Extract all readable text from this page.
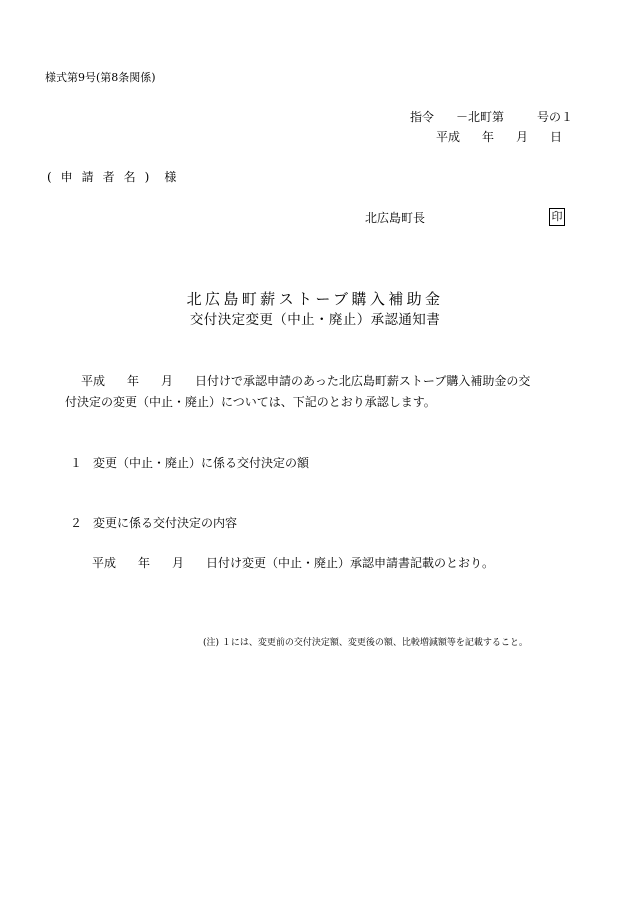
様式第9号(第8条関係)
指令 －北町第	号の１
平成 年 月 日
(申請者名) 様
北広島町長	印
北広島町薪ストーブ購入補助金
交付決定変更（中止・廃止）承認通知書
平成 年 月 日付けで承認申請のあった北広島町薪ストーブ購入補助金の交
付決定の変更（中止・廃止）については、下記のとおり承認します。
１ 変更（中止・廃止）に係る交付決定の額
２ 変更に係る交付決定の内容
平成 年 月 日付け変更（中止・廃止）承認申請書記載のとおり。
(注) １には、変更前の交付決定額、変更後の額、比較増減額等を記載すること。
